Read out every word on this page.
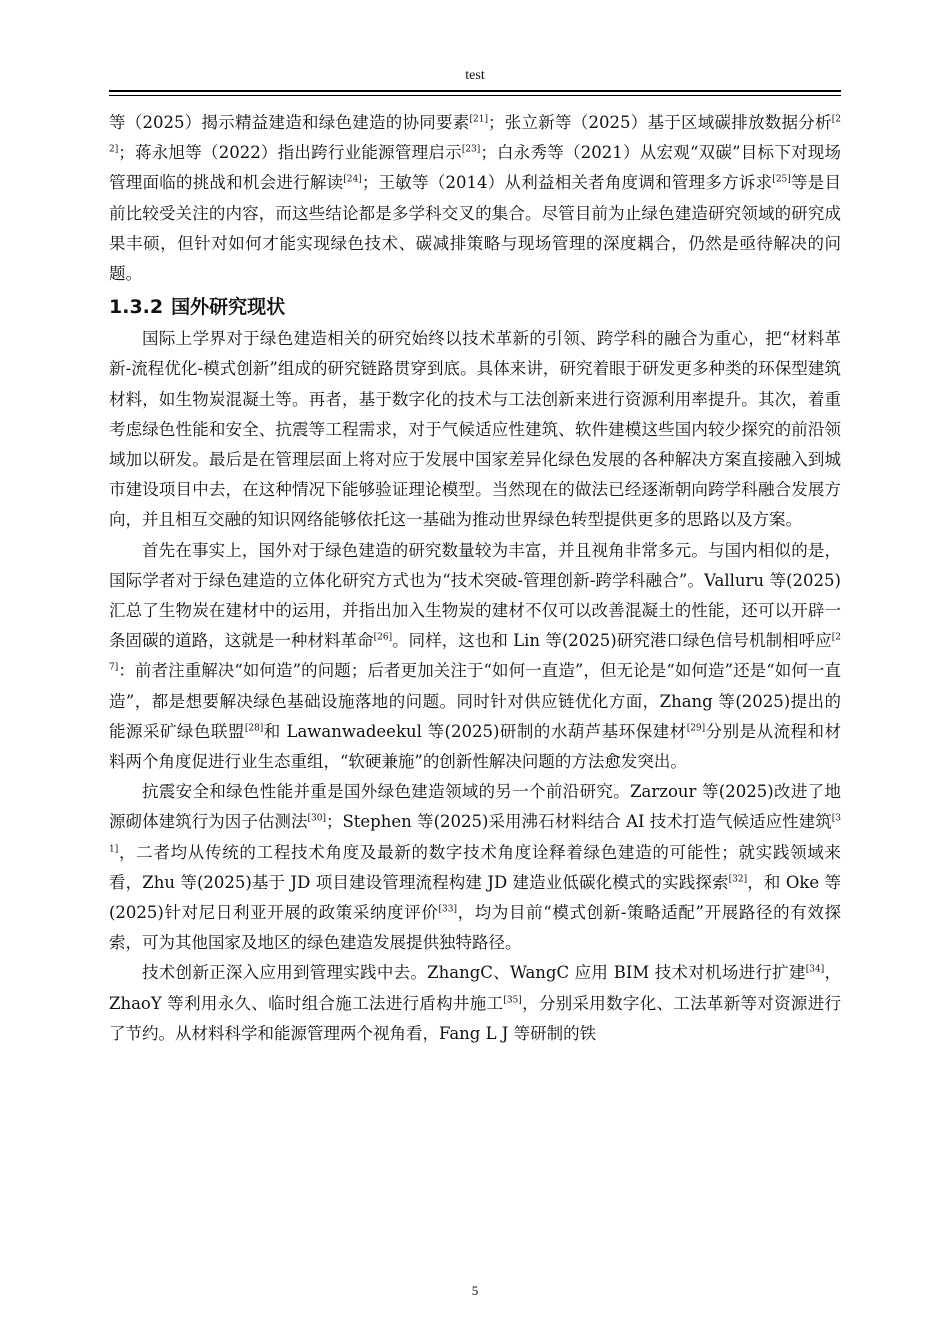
test

等（2025）揭示精益建造和绿色建造的协同要素[21]；张立新等（2025）基于区域碳排放数据分析[22]；蒋永旭等（2022）指出跨行业能源管理启示[23]；白永秀等（2021）从宏观“双碳”目标下对现场管理面临的挑战和机会进行解读[24]；王敏等（2014）从利益相关者角度调和管理多方诉求[25]等是目前比较受关注的内容，而这些结论都是多学科交叉的集合。尽管目前为止绿色建造研究领域的研究成果丰硕，但针对如何才能实现绿色技术、碳减排策略与现场管理的深度耦合，仍然是亟待解决的问题。

1.3.2 国外研究现状

国际上学界对于绿色建造相关的研究始终以技术革新的引领、跨学科的融合为重心，把“材料革新-流程优化-模式创新”组成的研究链路贯穿到底。具体来讲，研究着眼于研发更多种类的环保型建筑材料，如生物炭混凝土等。再者，基于数字化的技术与工法创新来进行资源利用率提升。其次，着重考虑绿色性能和安全、抗震等工程需求，对于气候适应性建筑、软件建模这些国内较少探究的前沿领域加以研发。最后是在管理层面上将对应于发展中国家差异化绿色发展的各种解决方案直接融入到城市建设项目中去，在这种情况下能够验证理论模型。当然现在的做法已经逐渐朝向跨学科融合发展方向，并且相互交融的知识网络能够依托这一基础为推动世界绿色转型提供更多的思路以及方案。

首先在事实上，国外对于绿色建造的研究数量较为丰富，并且视角非常多元。与国内相似的是，国际学者对于绿色建造的立体化研究方式也为“技术突破-管理创新-跨学科融合”。Valluru 等(2025)汇总了生物炭在建材中的运用，并指出加入生物炭的建材不仅可以改善混凝土的性能，还可以开辟一条固碳的道路，这就是一种材料革命[26]。同样，这也和 Lin 等(2025)研究港口绿色信号机制相呼应[27]：前者注重解决“如何造”的问题；后者更加关注于“如何一直造”，但无论是“如何造”还是“如何一直造”，都是想要解决绿色基础设施落地的问题。同时针对供应链优化方面，Zhang 等(2025)提出的能源采矿绿色联盟[28]和 Lawanwadeekul 等(2025)研制的水葫芦基环保建材[29]分别是从流程和材料两个角度促进行业生态重组，“软硬兼施”的创新性解决问题的方法愈发突出。

抗震安全和绿色性能并重是国外绿色建造领域的另一个前沿研究。Zarzour 等(2025)改进了地源砌体建筑行为因子估测法[30]；Stephen 等(2025)采用沸石材料结合 AI 技术打造气候适应性建筑[31]，二者均从传统的工程技术角度及最新的数字技术角度诠释着绿色建造的可能性；就实践领域来看，Zhu 等(2025)基于 JD 项目建设管理流程构建 JD 建造业低碳化模式的实践探索[32]，和 Oke 等(2025)针对尼日利亚开展的政策采纳度评价[33]，均为目前“模式创新-策略适配”开展路径的有效探索，可为其他国家及地区的绿色建造发展提供独特路径。

技术创新正深入应用到管理实践中去。ZhangC、WangC 应用 BIM 技术对机场进行扩建[34]，ZhaoY 等利用永久、临时组合施工法进行盾构井施工[35]，分别采用数字化、工法革新等对资源进行了节约。从材料科学和能源管理两个视角看，Fang L J 等研制的铁

5
